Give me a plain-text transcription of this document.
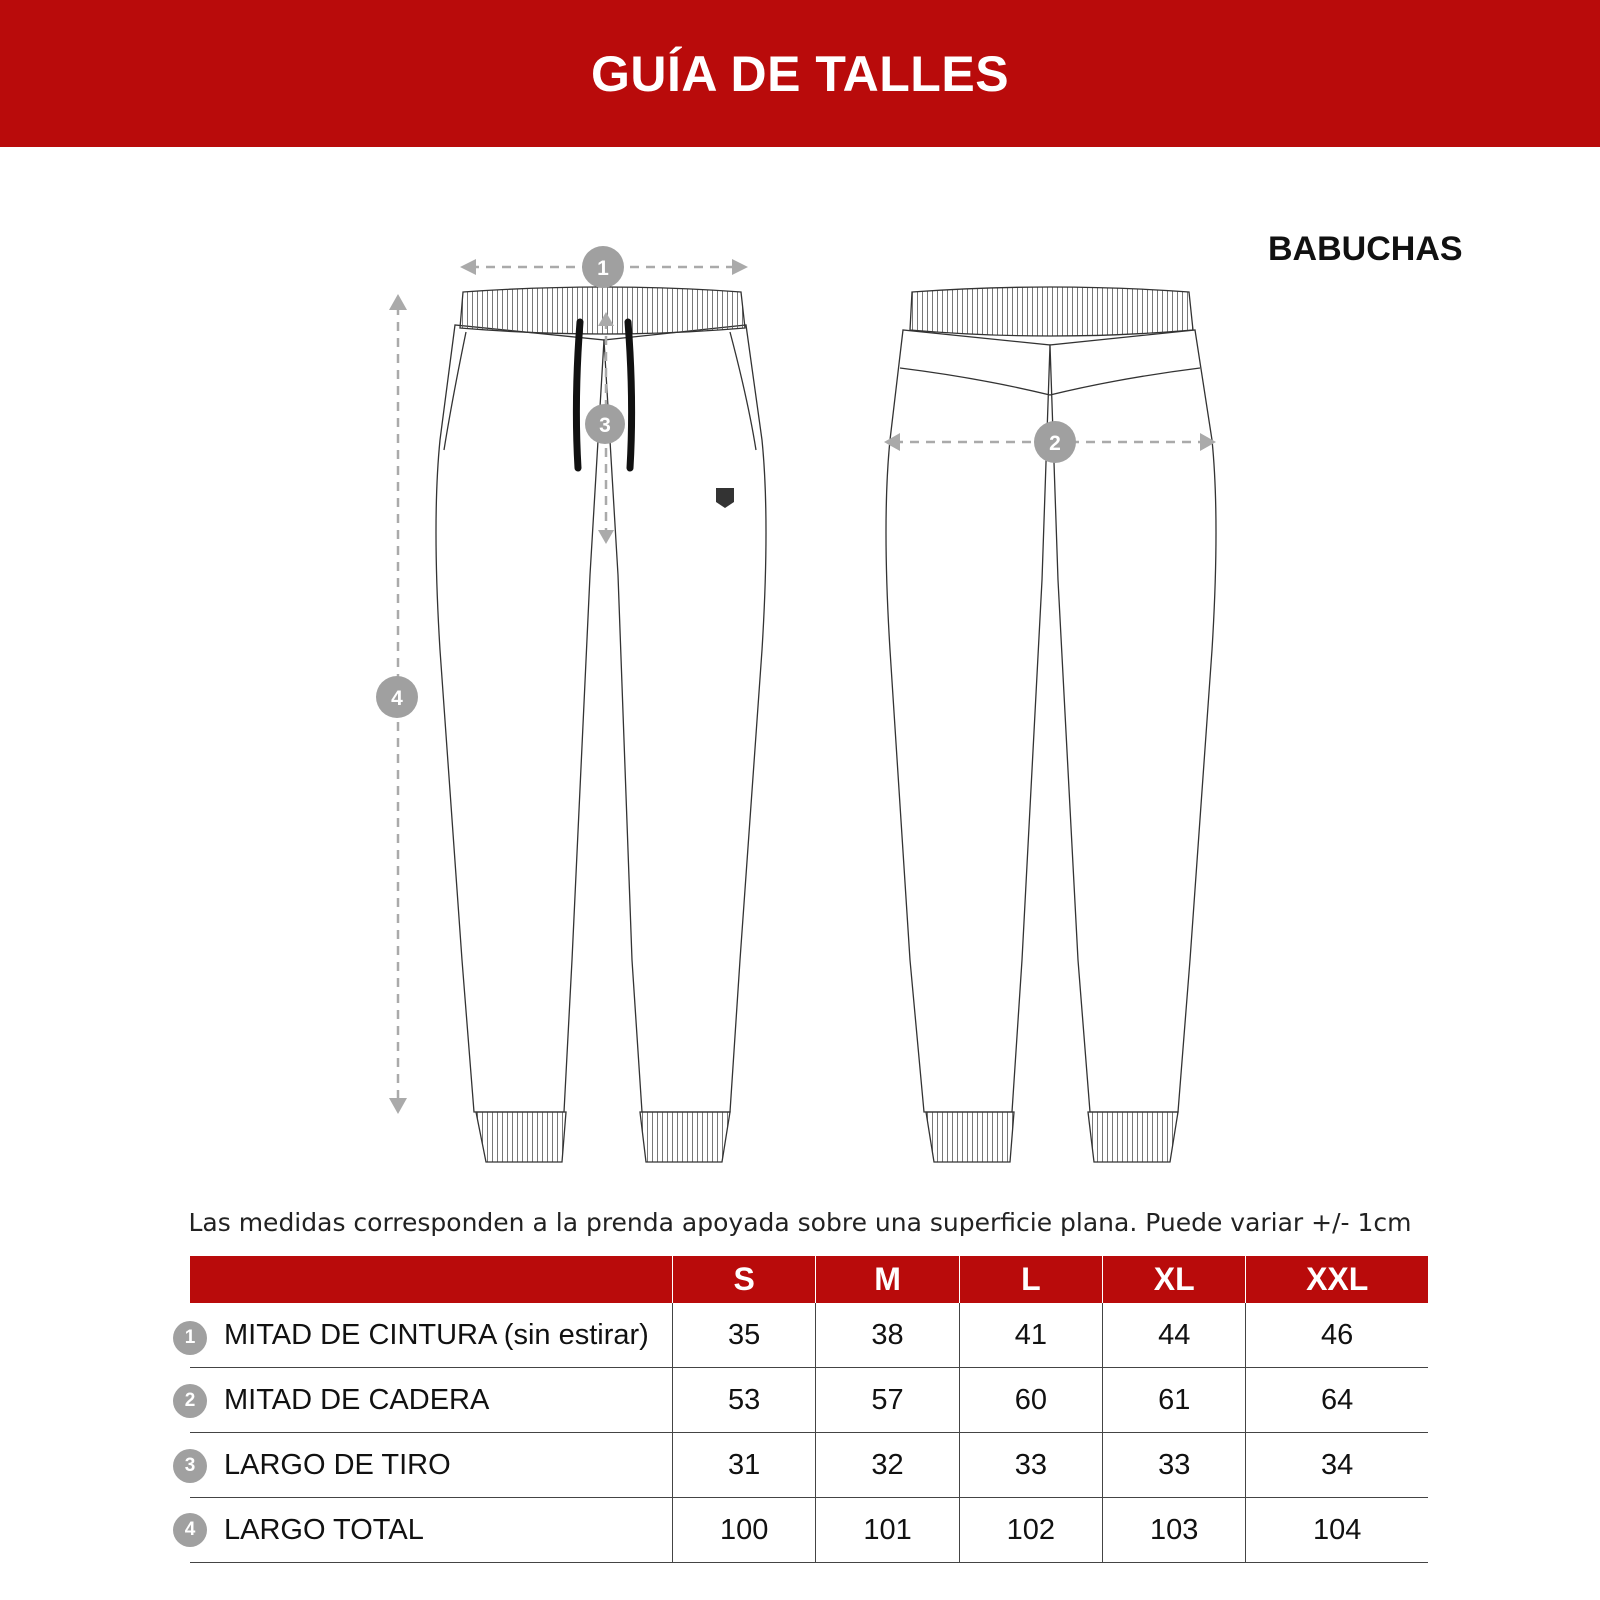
GUÍA DE TALLES
BABUCHAS
1
3
4
2
Las medidas corresponden a la prenda apoyada sobre una superficie plana. Puede variar +/- 1cm
	S	M	L	XL	XXL
MITAD DE CINTURA (sin estirar)	35	38	41	44	46
MITAD DE CADERA	53	57	60	61	64
LARGO DE TIRO	31	32	33	33	34
LARGO TOTAL	100	101	102	103	104
1
2
3
4
